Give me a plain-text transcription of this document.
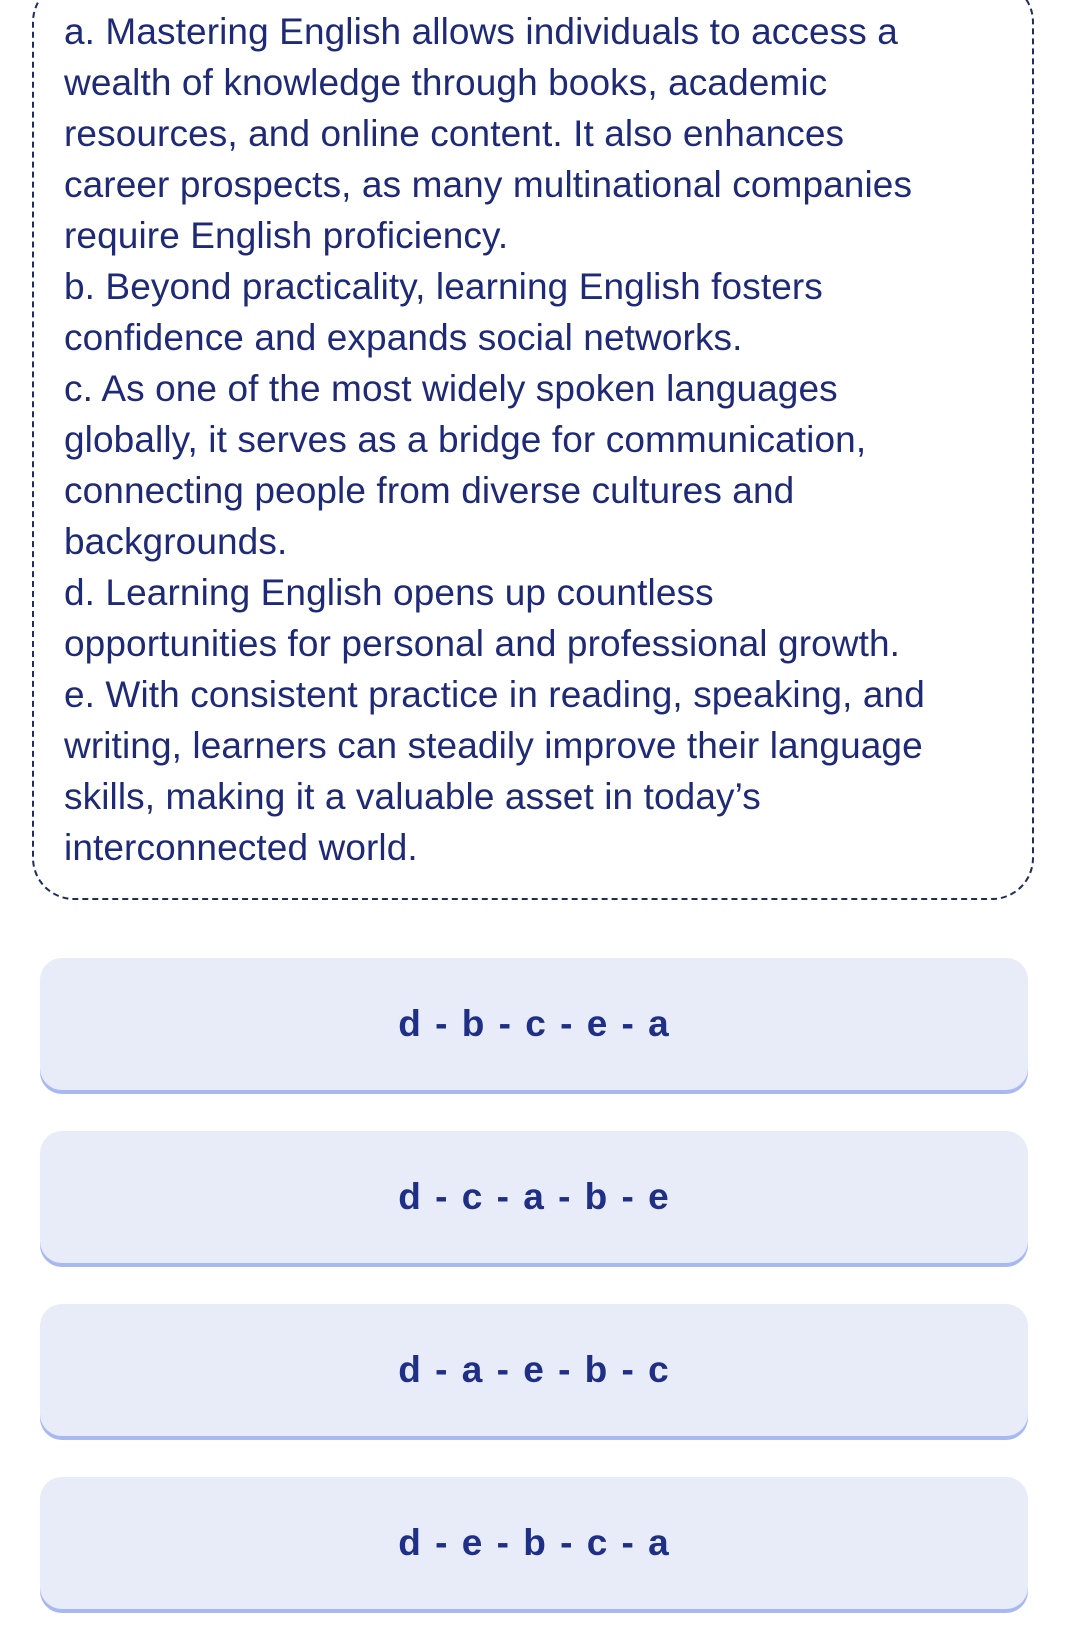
a. Mastering English allows individuals to access a
wealth of knowledge through books, academic
resources, and online content. It also enhances
career prospects, as many multinational companies
require English proficiency.
b. Beyond practicality, learning English fosters
confidence and expands social networks.
c. As one of the most widely spoken languages
globally, it serves as a bridge for communication,
connecting people from diverse cultures and
backgrounds.
d. Learning English opens up countless
opportunities for personal and professional growth.
e. With consistent practice in reading, speaking, and
writing, learners can steadily improve their language
skills, making it a valuable asset in today’s
interconnected world.
d - b - c - e - a
d - c - a - b - e
d - a - e - b - c
d - e - b - c - a
